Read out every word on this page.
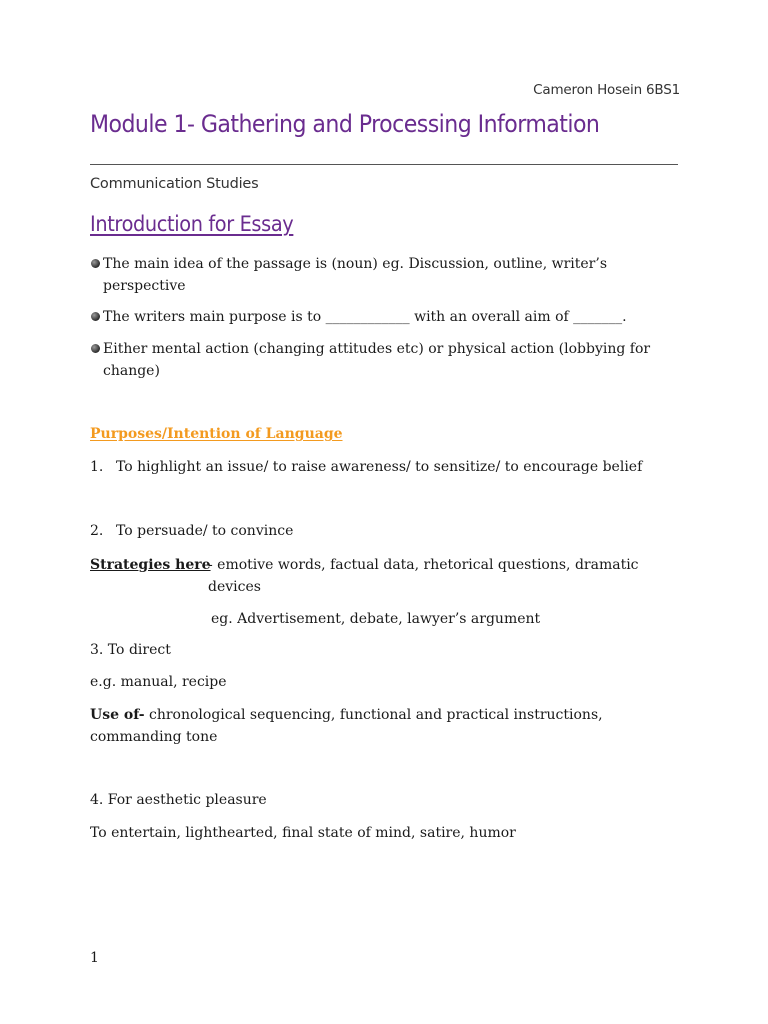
Cameron Hosein 6BS1
Module 1- Gathering and Processing Information
Communication Studies
Introduction for Essay
The main idea of the passage is (noun) eg. Discussion, outline, writer’s perspective
The writers main purpose is to ____________ with an overall aim of _______.
Either mental action (changing attitudes etc) or physical action (lobbying for change)
Purposes/Intention of Language
1. To highlight an issue/ to raise awareness/ to sensitize/ to encourage belief
2. To persuade/ to convince
Strategies here
- emotive words, factual data, rhetorical questions, dramatic devices
eg. Advertisement, debate, lawyer’s argument
3. To direct
e.g. manual, recipe
Use of- chronological sequencing, functional and practical instructions, commanding tone
4. For aesthetic pleasure
To entertain, lighthearted, final state of mind, satire, humor
1
